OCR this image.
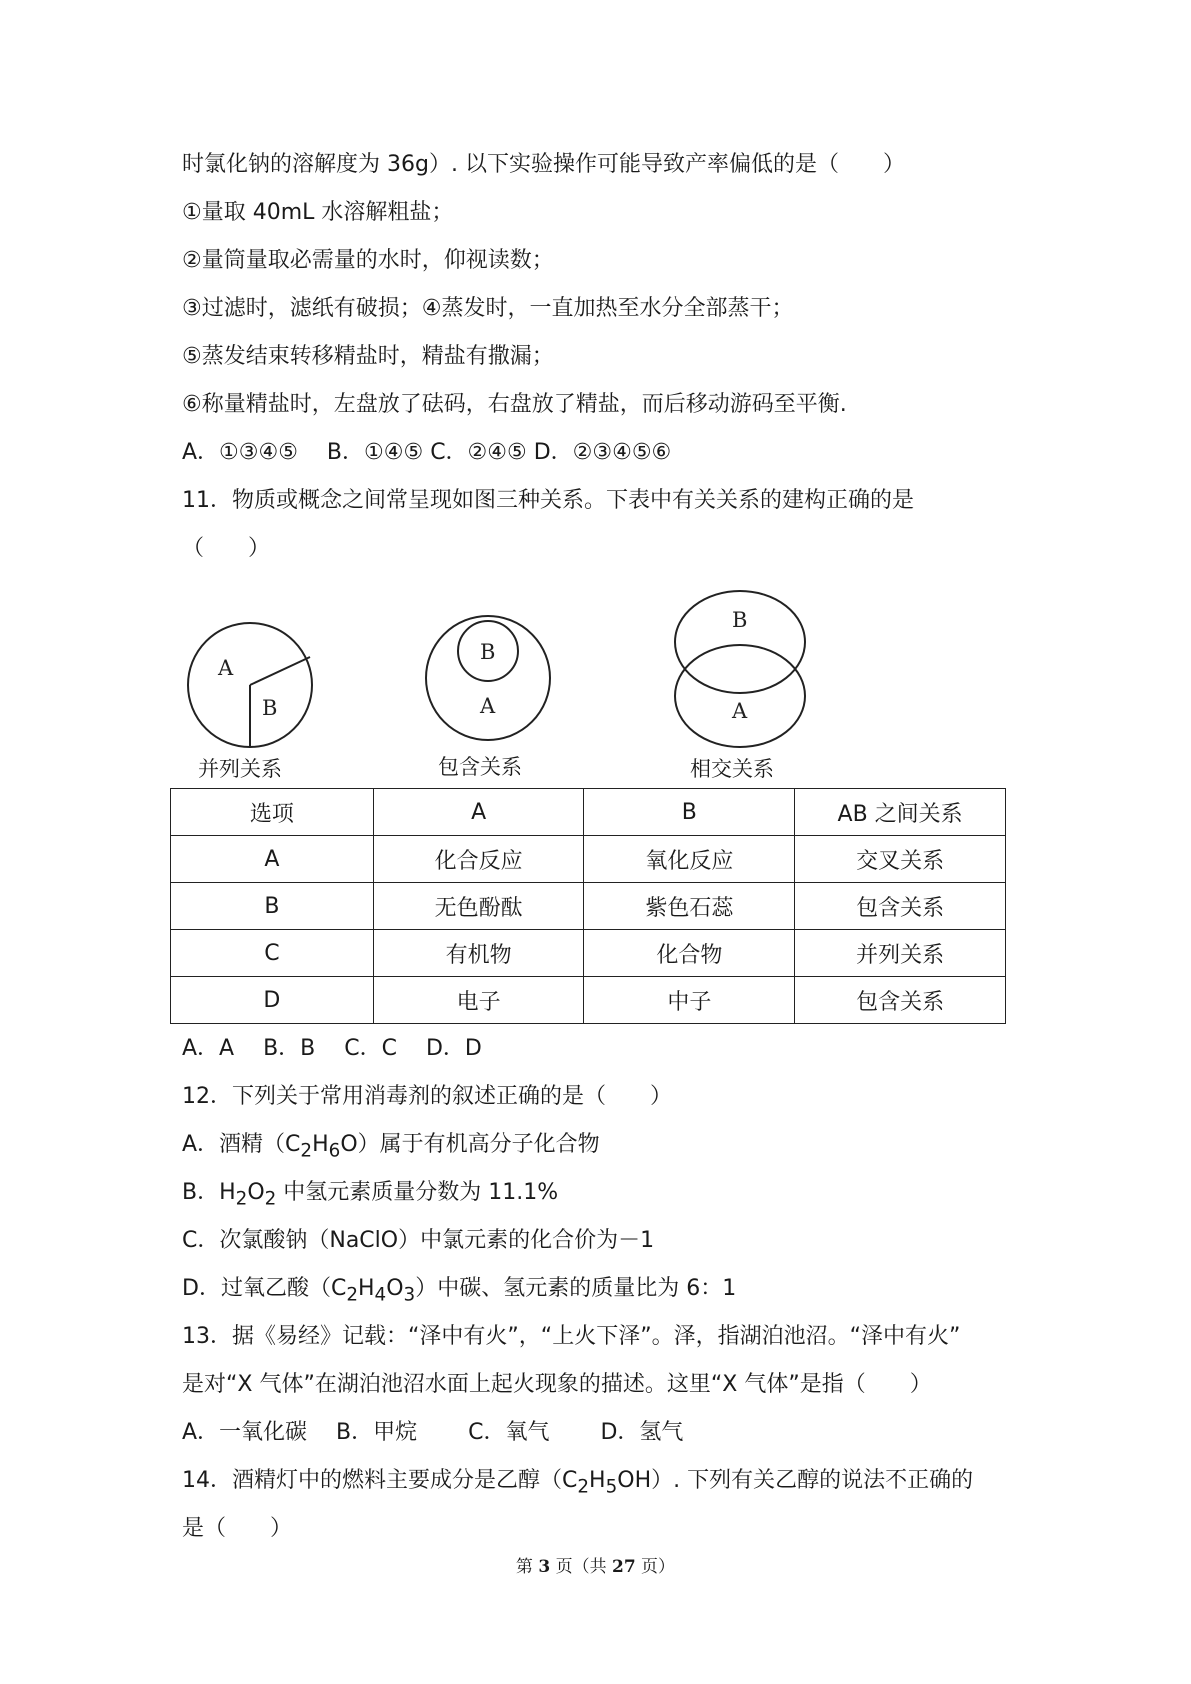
时氯化钠的溶解度为 36g）. 以下实验操作可能导致产率偏低的是（　　）
①量取 40mL 水溶解粗盐；
②量筒量取必需量的水时，仰视读数；
③过滤时，滤纸有破损；④蒸发时，一直加热至水分全部蒸干；
⑤蒸发结束转移精盐时，精盐有撒漏；
⑥称量精盐时，左盘放了砝码，右盘放了精盐，而后移动游码至平衡.
A．①③④⑤　 B．①④⑤ C．②④⑤ D．②③④⑤⑥
11．物质或概念之间常呈现如图三种关系。下表中有关关系的建构正确的是
（　　）
A
B
B
A
B
A
并列关系	包含关系	相交关系
选项	A	B	AB 之间关系
A	化合反应	氧化反应	交叉关系
B	无色酚酞	紫色石蕊	包含关系
C	有机物	化合物	并列关系
D	电子	中子	包含关系
A．A　 B．B　 C．C　 D．D
12．下列关于常用消毒剂的叙述正确的是（　　）
A．酒精$(C_2H_6O)$属于有机高分子化合物
B．$H_2O_2$ 中氢元素质量分数为 11.1%
C．次氯酸钠（NaClO）中氯元素的化合价为－1
D．过氧乙酸$(C_2H_4O_3)$中碳、氢元素的质量比为 6：1
13．据《易经》记载：“泽中有火”，“上火下泽”。泽，指湖泊池沼。“泽中有火”
是对“X 气体”在湖泊池沼水面上起火现象的描述。这里“X 气体”是指（　　）
A．一氧化碳　 B．甲烷　　 C．氧气　　 D．氢气
14．酒精灯中的燃料主要成分是乙醇$(C_2H_5OH)$. 下列有关乙醇的说法不正确的
是（　　）
第 3 页（共 27 页）
